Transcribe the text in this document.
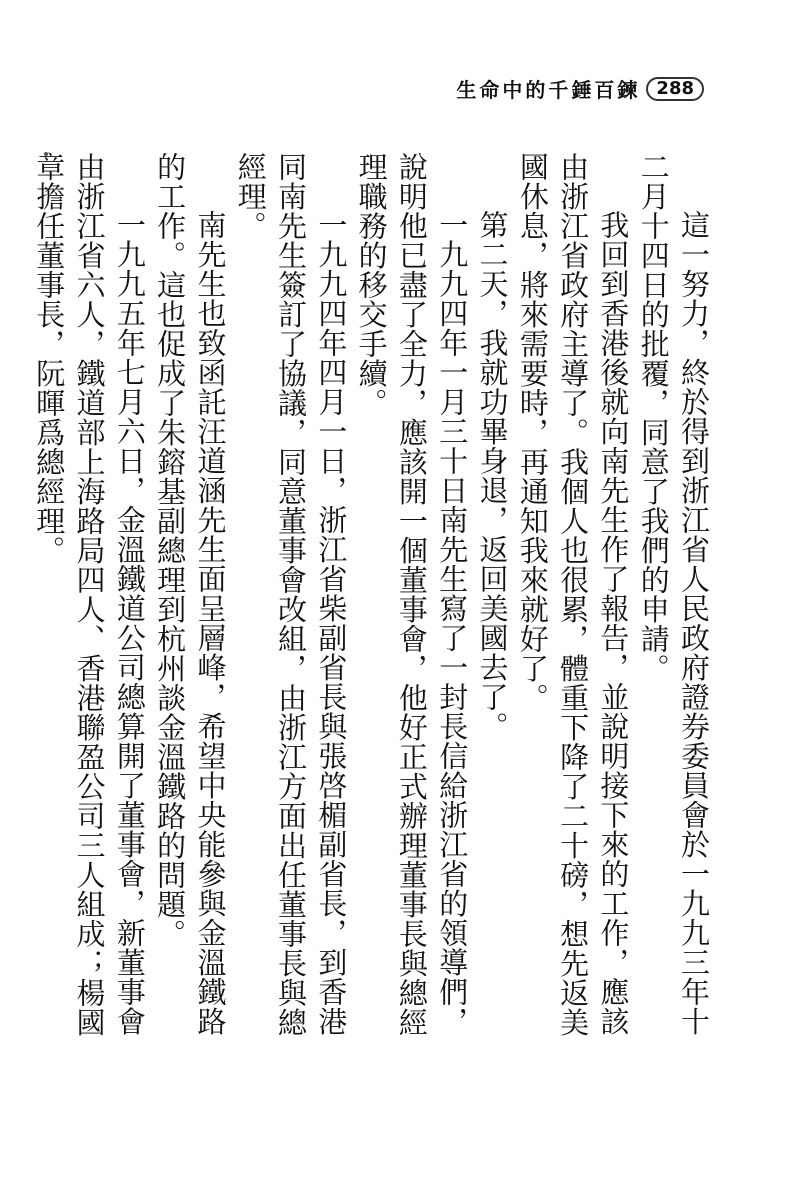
生命中的千錘百鍊 288

這一努力，終於得到浙江省人民政府證券委員會於一九九三年十二月十四日的批覆，同意了我們的申請。

我回到香港後就向南先生作了報告，並說明接下來的工作，應該由浙江省政府主導了。我個人也很累，體重下降了二十磅，想先返美國休息，將來需要時，再通知我來就好了。

第二天，我就功畢身退，返回美國去了。

一九九四年一月三十日南先生寫了一封長信給浙江省的領導們，說明他已盡了全力，應該開一個董事會，他好正式辦理董事長與總經理職務的移交手續。

一九九四年四月一日，浙江省柴副省長與張啓楣副省長，到香港同南先生簽訂了協議，同意董事會改組，由浙江方面出任董事長與總經理。

南先生也致函託汪道涵先生面呈層峰，希望中央能參與金溫鐵路的工作。這也促成了朱鎔基副總理到杭州談金溫鐵路的問題。

一九九五年七月六日，金溫鐵道公司總算開了董事會，新董事會由浙江省六人，鐵道部上海路局四人、香港聯盈公司三人組成；楊國章擔任董事長，阮暉爲總經理。
